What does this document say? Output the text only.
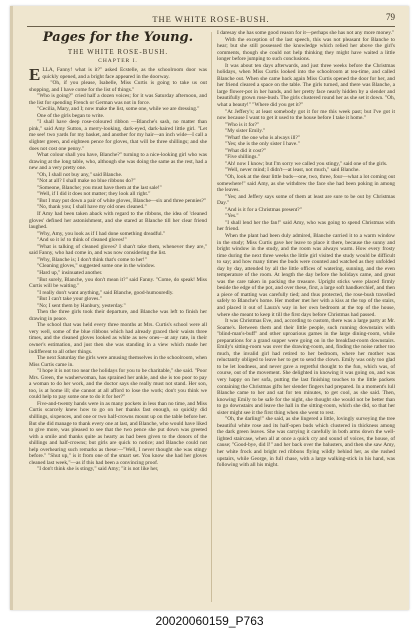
THE WHITE ROSE-BUSH.	79
Pages for the Young.
THE WHITE ROSE-BUSH.
CHAPTER I.

ELLA, Fanny! what is it?" asked Ecstelle, as the schoolroom door was quickly opened, and a bright face appeared in the doorway.

"Oh, if you please, Isabelle, Miss Curtis is going to take us out shopping, and I have come for the list of things."

"Who is going?" cried half a dozen voices; for it was Saturday afternoon, and the list for spending French or German was not in force.

"Cecilia, Mary, and I; now make the list, some one, while we are dressing."

One of the girls began to write.

"I shall have deep rose-coloured ribbon —Blanche's sash, no matter than pink," said Amy Sutton, a merry-looking, dark-eyed, dark-haired little girl. "Let me see! two yards for my basket, and another for my hair—an inch wide—I call a slighter green, and eighteen pence for gloves, that will be three shillings; and she does not cost one penny."

What colour shall you have, Blanche?" turning to a nice-looking girl who was drawing at the long table, who, although she was doing the same as the rest, had a new and a very pretty one.

"Oh, I shall not buy any," said Blanche.

"Not at all? I shall make no blue ribbons do?"

"Someone, Blanche; you must have them at the last sale!"

"Well, if I did it does not matter; they look all right."

"But I may put down a pair of white gloves, Blanche—six and three pennies?"

"No, thank you; I shall have my old ones cleaned."

If Amy had been taken aback with regard to the ribbons, the idea of 'cleaned gloves' defined her astonishment, and she stared at Blanche till her clear friend laughed.

"Why, Amy, you look as if I had done something dreadful."

"And so it is! to think of cleaned gloves!"

"What is talking of cleaned gloves? I shan't take them, whenever they are," said Fanny, who had come in, and was now considering the list.

"Why, Blanche is; I don't think that's come to her!"

"Cleaning gloves," suggested some one in the window.

"Hard up," insinuated another.

"But surely, Blanche, you don't mean it?" said Fanny. "Come, do speak! Miss Curtis will be waiting."

"I really don't want anything," said Blanche, good-humouredly.

"But I can't take your gloves."

"No; I sent them by Hanbury, yesterday."

Then the three girls took their departure, and Blanche was left to finish her drawing in peace.

The school that was held every three months at Mrs. Curtis's school were all very well, some of the blue ribbons which had already graced their waists three times, and the cleaned gloves looked as white as new ones—at any rate, in their owner's estimation, and just then she was standing in a view which made her indifferent to all other things.

The next Saturday the girls were amusing themselves in the schoolroom, when Miss Curtis came in.

"I hope it is not too near the holidays for you to be charitable," she said. "Poor Mrs. Green, the washerwoman, has sprained her ankle, and she is too poor to pay a woman to do her work, and the doctor says she really must not stand. Her son, too, is at home ill; she cannot at all afford to lose the work; don't you think we could help to pay some one to do it for her?"

Five-and-twenty hands were in as many pockets in less than no time, and Miss Curtis scarcely knew how to go on her thanks fast enough, so quickly did shillings, sixpences, and one or two half-crowns mount up on the table before her. But she did manage to thank every one at last, and Blanche, who would have liked to give more, was pleased to see that the two pence she put down was greeted with a smile and thanks quite as hearty as had been given to the donors of the shillings and half-crowns; but girls are quick to notice; and Blanche could not help overhearing such remarks as these:—"Well, I never thought she was stingy before." "Shut up," is it from one of the smart set. You know she had her gloves cleaned last week,"—as if this had been a convincing proof.

"I don't think she is stingy," said Amy; "it is not like her,

I daresay she has some good reason for it—perhaps she has not any more money."

With the exception of the last speech, this was not pleasant for Blanche to hear; but she still possessed the knowledge which relied her above the girl's comments, though she could not help thinking they might have waited a little longer before jumping to such conclusions.

It was about ten days afterwards, and just three weeks before the Christmas holidays, when Miss Curtis looked into the schoolroom at tea-time, and called Blanche out. When she came back again Miss Curtis opened the door for her, and her friend cleared a space on the table. The girls turned, and there was Blanche, a large flower-pot in her hands, and her pretty face nearly hidden by a slender and beautifully grown rose-bush. The girls clustered round her as she set it down. "Oh, what a beauty!" "Where did you get it?"

"At Jeffery's; at least somebody got it for me this week past; but I've got it now because I want to get it used to the house before I take it home."

"Who is it for?"

"My sister Emily."

"What! the one who is always ill?"

"Yes; she is the only sister I have."

"What did it cost?"

"Five shillings."

"Ah! now I know; but I'm sorry we called you stingy," said one of the girls.

"Well, never mind; I didn't—at least, not much," said Blanche.

"Oh, look at the dear little buds—one, two, three, four—what a lot coming out somewhere!" said Amy, as she withdrew the face she had been poking in among the leaves.

"Yes; and Jeffery says some of them at least are sure to be out by Christmas Day."

"And is it for a Christmas present?"

"Yes."

"I shall lend her the fan!" said Amy, who was going to spend Christmas with her friend.

When the plant had been duly admired, Blanche carried it to a warm window in the study; Miss Curtis gave her leave to place it there, because the sunny and bright window in the study, and the room was always warm. How every frosty time during the next three weeks the little girl visited the study would be difficult to say; and how many times the buds were counted and watched as they unfolded day by day, attended by all the little offices of watering, sunning, and the even temperature of the room. At length the day before the holidays came, and great was the care taken in packing the treasure. Upright sticks were placed firmly beside the edge of the pot, and over these, first, a large soft handkerchief, and then a piece of matting was carefully tied; and thus protected, the rose-bush travelled safely to Blanche's home. Her mother met her with a kiss at the top of the stairs, and placed it out of Laura's way in her own bedroom at the top of the house, where she meant to keep it till the first days before Christmas had passed.

It was Christmas Eve, and, according to custom, there was a large party at Mr. Soame's. Between them and their little people, such running downstairs with "blind-man's-buff" and other uproarious games in the large dining-room, while preparations for a grand supper were going on in the breakfast-room downstairs. Emily's sitting-room was over the drawing-room, and, finding the noise rather too much, the invalid girl had retired to her bedroom, where her mother was reluctantly obliged to leave her to get to send the clown. Emily was only too glad to be let loudness, and never gave a regretful thought to the fun, which was, of course, out of the movement. She delighted in knowing it was going on, and was very happy on her sofa, putting the last finishing touches to the little packets containing the Christmas gifts her slender fingers had prepared. In a moment's lull Blanche came to her and sat for ten minutes, to get cool, as she said. Then, knowing Emily to be safe for the night, she thought she would not be better than to go downstairs and leave the hall in the sitting-room, which she did, so that her sister might see it the first thing when she went to rest.

"Oh, the darling!" she said, as she lingered a little, lovingly surveying the tree beautiful white rose and its half-open buds which clustered in thickness among the dark green leaves. She was carrying it carefully in both arms down the well-lighted staircase, when all at once a quick cry and sound of voices, the house, of cause; "Good-bye, did I!" and her back over the balusters, and then she saw Amy, her white frock and bright red ribbons flying wildly behind her, as she rushed upstairs, while George, in full chase, with a large walking-stick in his hand, was following with all his might.

20020060159_P763
